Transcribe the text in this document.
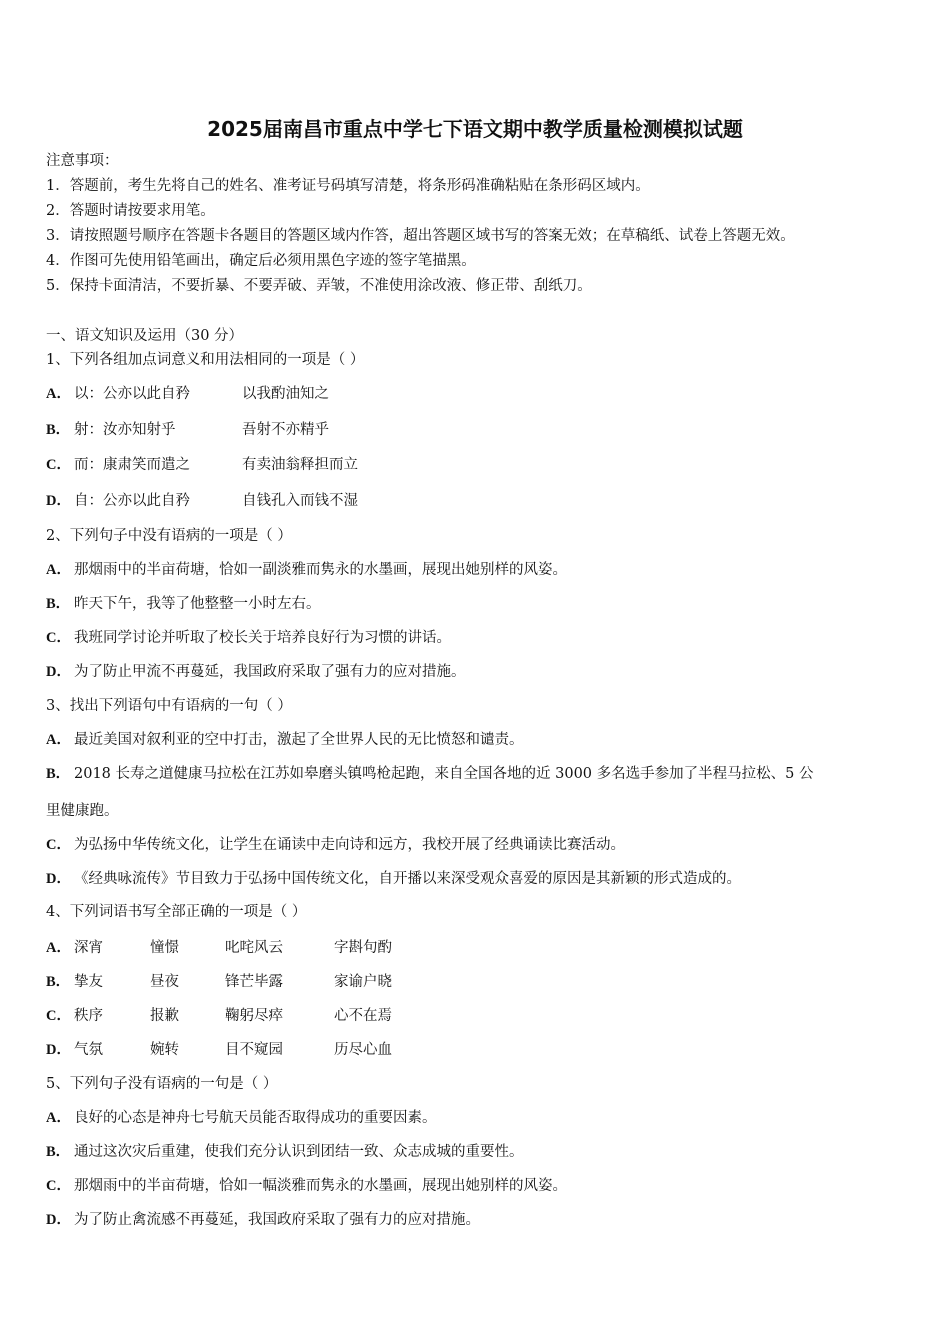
2025届南昌市重点中学七下语文期中教学质量检测模拟试题
注意事项：
1．答题前，考生先将自己的姓名、准考证号码填写清楚，将条形码准确粘贴在条形码区域内。
2．答题时请按要求用笔。
3．请按照题号顺序在答题卡各题目的答题区域内作答，超出答题区域书写的答案无效；在草稿纸、试卷上答题无效。
4．作图可先使用铅笔画出，确定后必须用黑色字迹的签字笔描黑。
5．保持卡面清洁，不要折暴、不要弄破、弄皱，不准使用涂改液、修正带、刮纸刀。
一、语文知识及运用（30 分）
1、下列各组加点词意义和用法相同的一项是（ ）
A． 以：公亦以此自矜	以我酌油知之
B． 射：汝亦知射乎	吾射不亦精乎
C． 而：康肃笑而遣之	有卖油翁释担而立
D． 自：公亦以此自矜	自钱孔入而钱不湿
2、下列句子中没有语病的一项是（ ）
A． 那烟雨中的半亩荷塘，恰如一副淡雅而隽永的水墨画，展现出她别样的风姿。
B． 昨天下午，我等了他整整一小时左右。
C． 我班同学讨论并听取了校长关于培养良好行为习惯的讲话。
D． 为了防止甲流不再蔓延，我国政府采取了强有力的应对措施。
3、找出下列语句中有语病的一句（ ）
A． 最近美国对叙利亚的空中打击，激起了全世界人民的无比愤怒和谴责。
B． 2018 长寿之道健康马拉松在江苏如皋磨头镇鸣枪起跑，来自全国各地的近 3000 多名选手参加了半程马拉松、5 公
里健康跑。
C． 为弘扬中华传统文化，让学生在诵读中走向诗和远方，我校开展了经典诵读比赛活动。
D． 《经典咏流传》节目致力于弘扬中国传统文化，自开播以来深受观众喜爱的原因是其新颖的形式造成的。
4、下列词语书写全部正确的一项是（ ）
A． 深宵	憧憬	叱咤风云	字斟句酌
B． 挚友	昼夜	锋芒毕露	家谕户晓
C． 秩序	报歉	鞠躬尽瘁	心不在焉
D． 气氛	婉转	目不窥园	历尽心血
5、下列句子没有语病的一句是（ ）
A． 良好的心态是神舟七号航天员能否取得成功的重要因素。
B． 通过这次灾后重建，使我们充分认识到团结一致、众志成城的重要性。
C． 那烟雨中的半亩荷塘，恰如一幅淡雅而隽永的水墨画，展现出她别样的风姿。
D． 为了防止禽流感不再蔓延，我国政府采取了强有力的应对措施。
